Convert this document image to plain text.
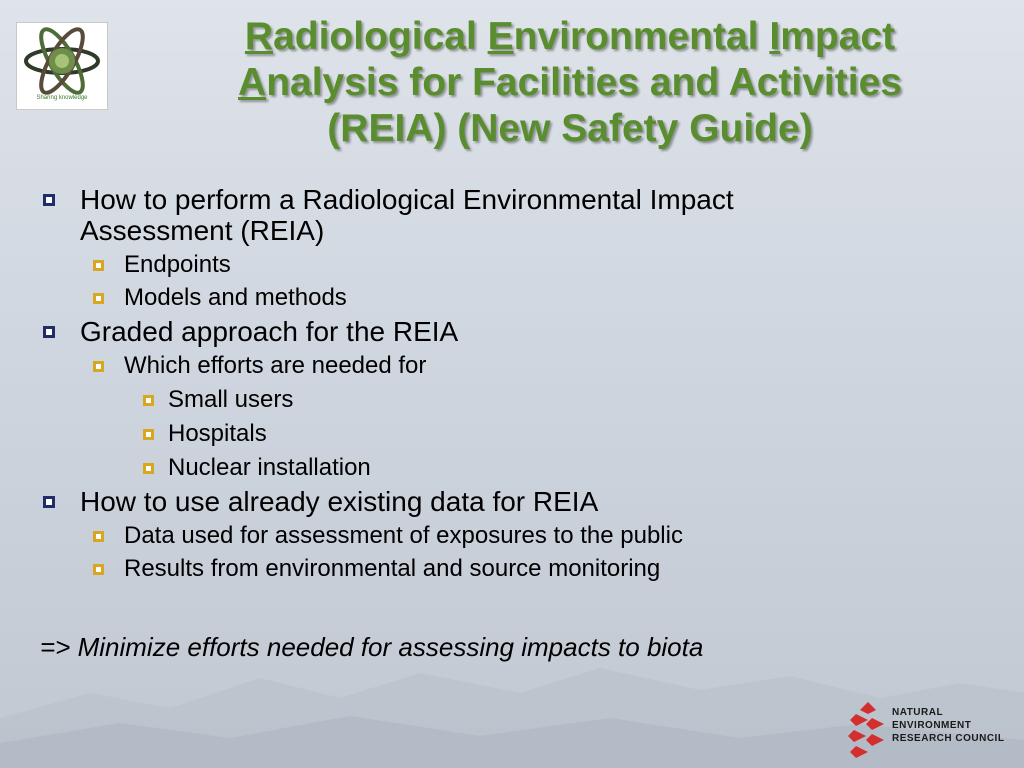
Sharing knowledge
Radiological Environmental Impact
Analysis for Facilities and Activities
(REIA) (New Safety Guide)
How to perform a Radiological Environmental Impact
Assessment (REIA)
Endpoints
Models and methods
Graded approach for the REIA
Which efforts are needed for
Small users
Hospitals
Nuclear installation
How to use already existing data for REIA
Data used for assessment of exposures to the public
Results from environmental and source monitoring
=> Minimize efforts needed for assessing impacts to biota
NATURAL
ENVIRONMENT
RESEARCH COUNCIL
